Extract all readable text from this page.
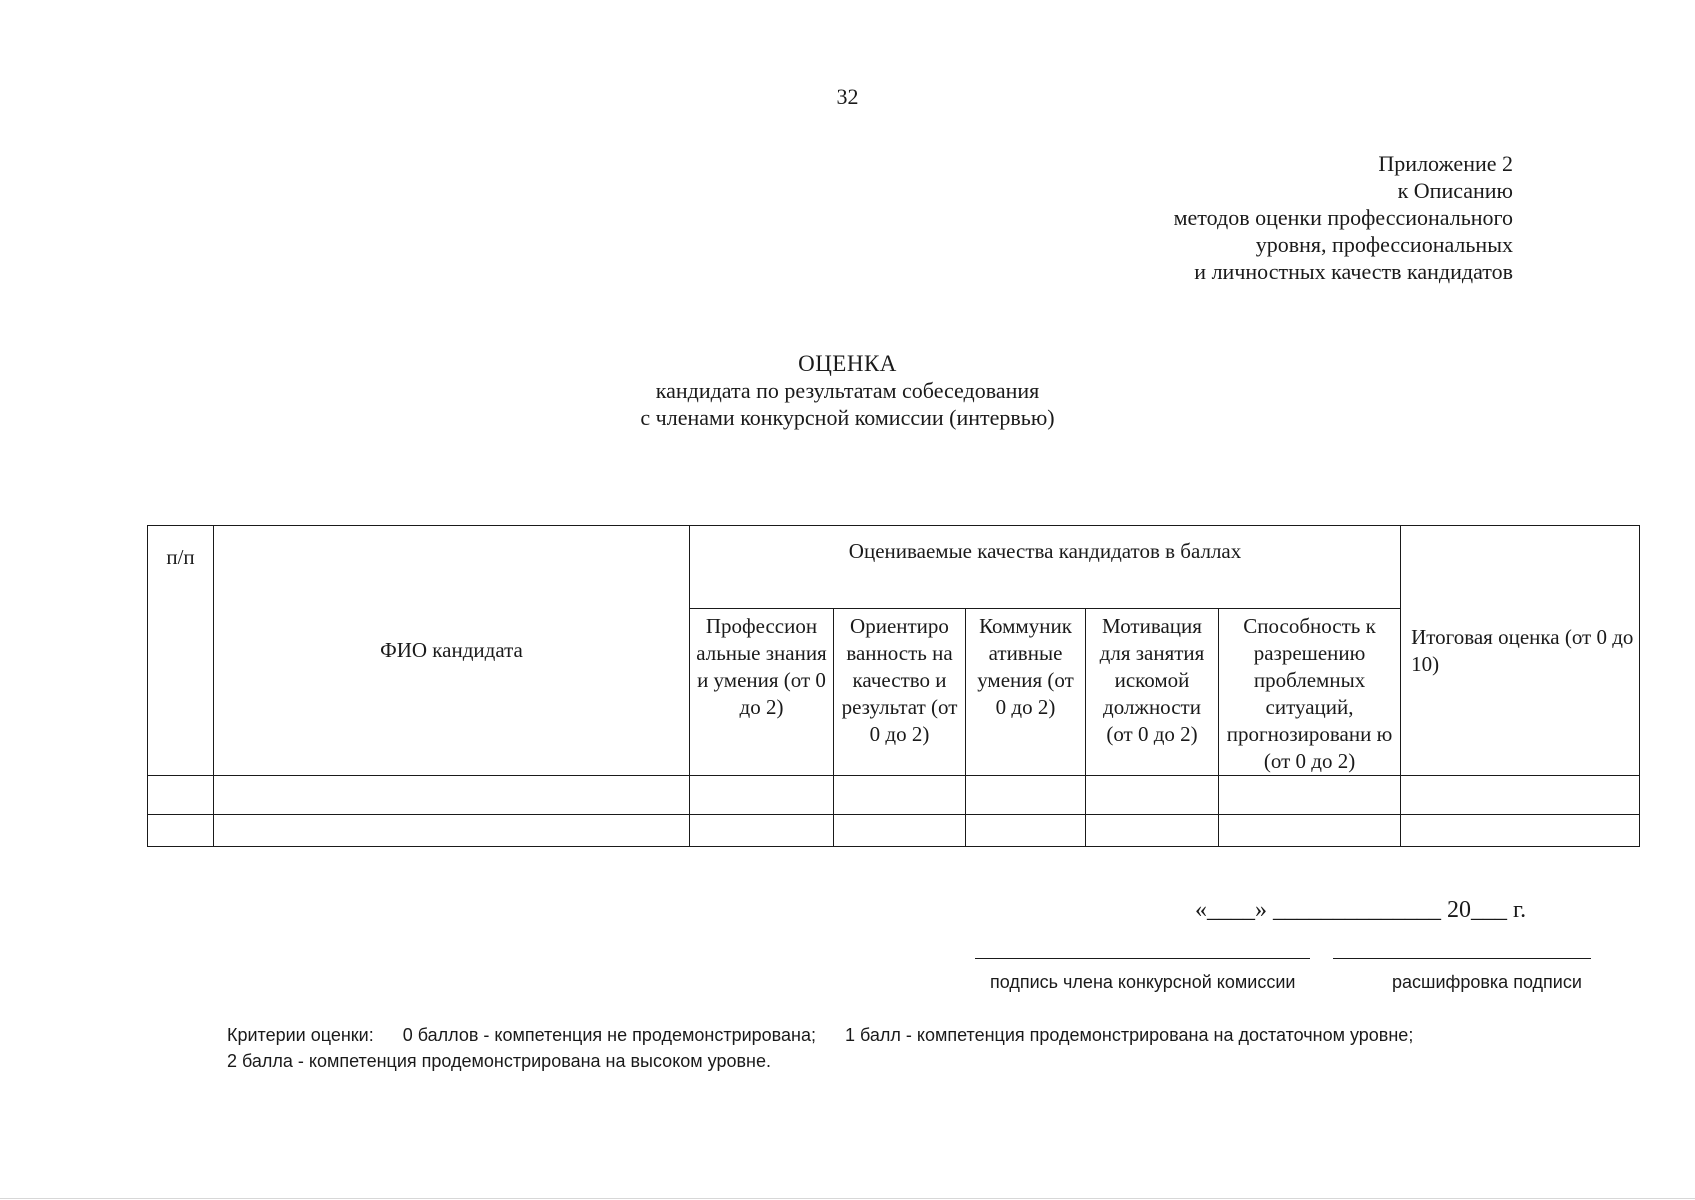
32
Приложение 2
к Описанию
методов оценки профессионального
уровня, профессиональных
и личностных качеств кандидатов
ОЦЕНКА
кандидата по результатам собеседования
с членами конкурсной комиссии (интервью)
п/п	ФИО кандидата	Оцениваемые качества кандидатов в баллах					Итоговая оценка (от 0 до 10)
		Профессион альные знания и умения (от 0 до 2)	Ориентиро ванность на качество и результат (от 0 до 2)	Коммуник ативные умения (от 0 до 2)	Мотивация для занятия искомой должности (от 0 до 2)	Способность к разрешению проблемных ситуаций, прогнозировани ю (от 0 до 2)	

«____» ______________ 20___ г.
подпись члена конкурсной комиссии	расшифровка подписи
Критерии оценки: 0 баллов - компетенция не продемонстрирована; 1 балл - компетенция продемонстрирована на достаточном уровне;
2 балла - компетенция продемонстрирована на высоком уровне.
